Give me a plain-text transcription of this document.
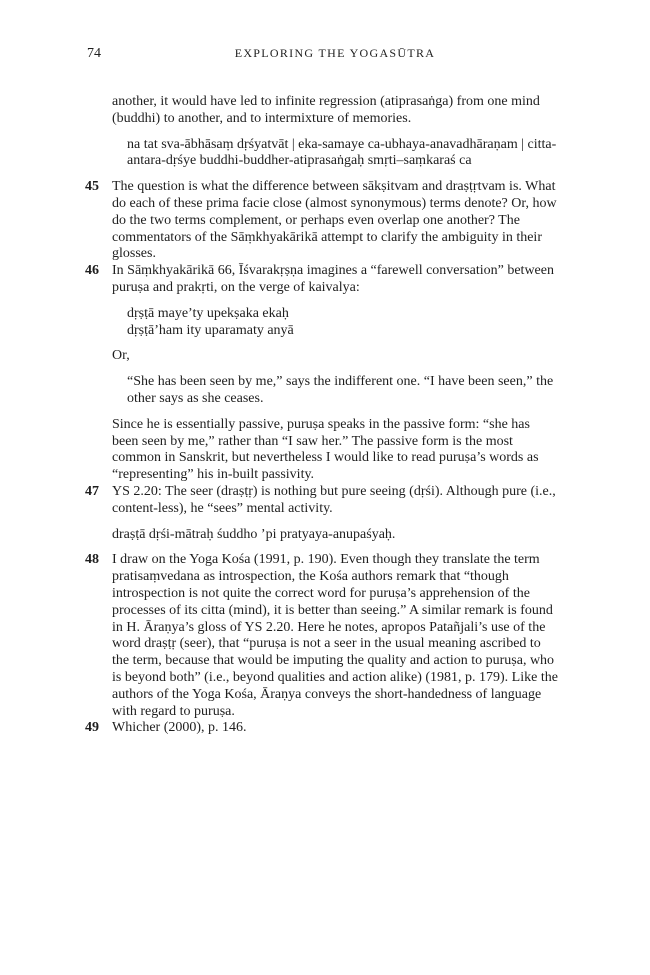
74	EXPLORING THE YOGASŪTRA

another, it would have led to infinite regression (atiprasaṅga) from one mind (buddhi) to another, and to intermixture of memories.

na tat sva-ābhāsaṃ dṛśyatvāt | eka-samaye ca-ubhaya-anavadhāraṇam | citta-antara-dṛśye buddhi-buddher-atiprasaṅgaḥ smṛti–saṃkaraś ca

45 The question is what the difference between sākṣitvam and draṣṭṛtvam is. What do each of these prima facie close (almost synonymous) terms denote? Or, how do the two terms complement, or perhaps even overlap one another? The commentators of the Sāṃkhyakārikā attempt to clarify the ambiguity in their glosses.

46 In Sāṃkhyakārikā 66, Īśvarakṛṣṇa imagines a “farewell conversation” between puruṣa and prakṛti, on the verge of kaivalya:

dṛṣṭā maye’ty upekṣaka ekaḥ

dṛṣṭā’ham ity uparamaty anyā

Or,

“She has been seen by me,” says the indifferent one. “I have been seen,” the other says as she ceases.

Since he is essentially passive, puruṣa speaks in the passive form: “she has been seen by me,” rather than “I saw her.” The passive form is the most common in Sanskrit, but nevertheless I would like to read puruṣa’s words as “representing” his in-built passivity.

47 YS 2.20: The seer (draṣṭṛ) is nothing but pure seeing (dṛśi). Although pure (i.e., content-less), he “sees” mental activity.

draṣṭā dṛśi-mātraḥ śuddho ’pi pratyaya-anupaśyaḥ.

48 I draw on the Yoga Kośa (1991, p. 190). Even though they translate the term pratisaṃvedana as introspection, the Kośa authors remark that “though introspection is not quite the correct word for puruṣa’s apprehension of the processes of its citta (mind), it is better than seeing.” A similar remark is found in H. Āraṇya’s gloss of YS 2.20. Here he notes, apropos Patañjali’s use of the word draṣṭṛ (seer), that “puruṣa is not a seer in the usual meaning ascribed to the term, because that would be imputing the quality and action to puruṣa, who is beyond both” (i.e., beyond qualities and action alike) (1981, p. 179). Like the authors of the Yoga Kośa, Āraṇya conveys the short-handedness of language with regard to puruṣa.

49 Whicher (2000), p. 146.
